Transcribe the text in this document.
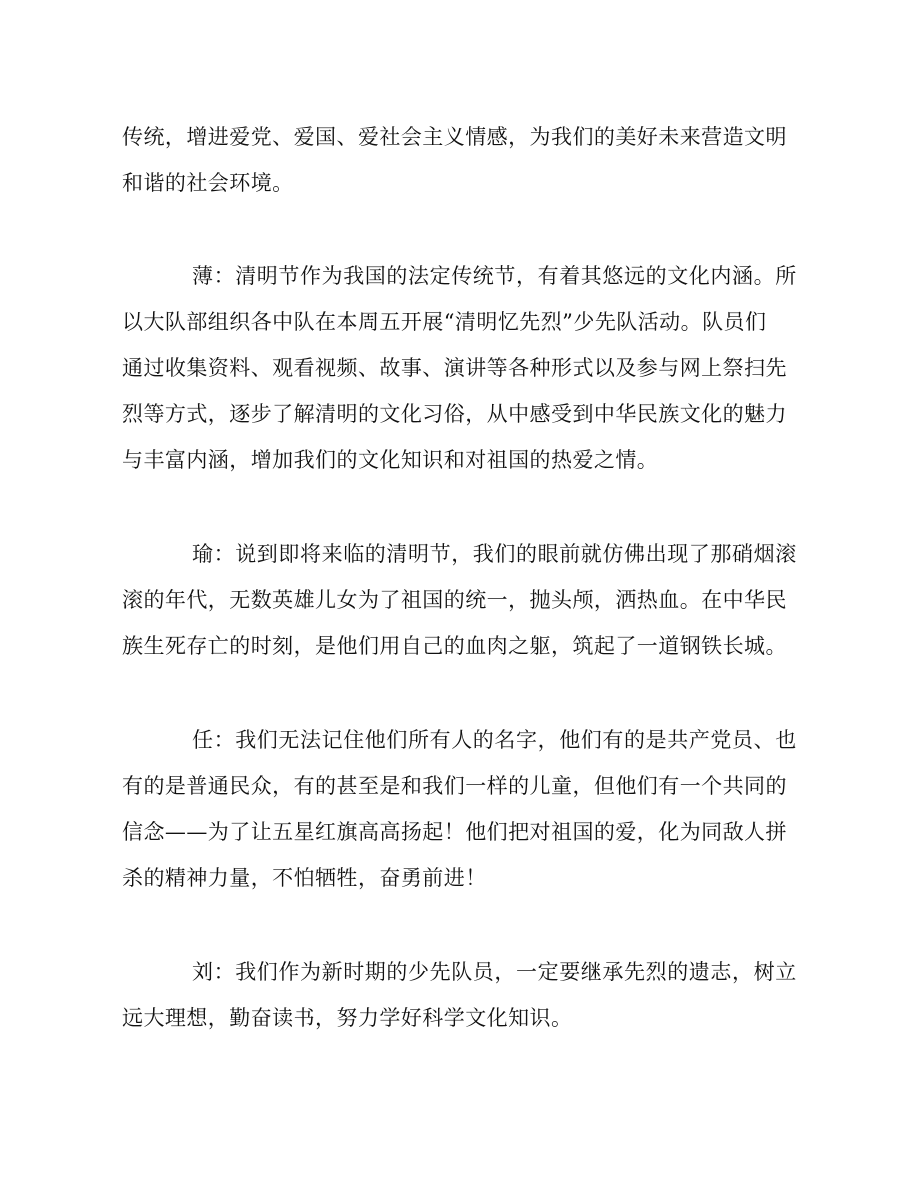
传统，增进爱党、爱国、爱社会主义情感，为我们的美好未来营造文明
和谐的社会环境。
薄：清明节作为我国的法定传统节，有着其悠远的文化内涵。所
以大队部组织各中队在本周五开展“清明忆先烈”少先队活动。队员们
通过收集资料、观看视频、故事、演讲等各种形式以及参与网上祭扫先
烈等方式，逐步了解清明的文化习俗，从中感受到中华民族文化的魅力
与丰富内涵，增加我们的文化知识和对祖国的热爱之情。
瑜：说到即将来临的清明节，我们的眼前就仿佛出现了那硝烟滚
滚的年代，无数英雄儿女为了祖国的统一，抛头颅，洒热血。在中华民
族生死存亡的时刻，是他们用自己的血肉之躯，筑起了一道钢铁长城。
任：我们无法记住他们所有人的名字，他们有的是共产党员、也
有的是普通民众，有的甚至是和我们一样的儿童，但他们有一个共同的
信念——为了让五星红旗高高扬起！他们把对祖国的爱，化为同敌人拼
杀的精神力量，不怕牺牲，奋勇前进！
刘：我们作为新时期的少先队员，一定要继承先烈的遗志，树立
远大理想，勤奋读书，努力学好科学文化知识。
